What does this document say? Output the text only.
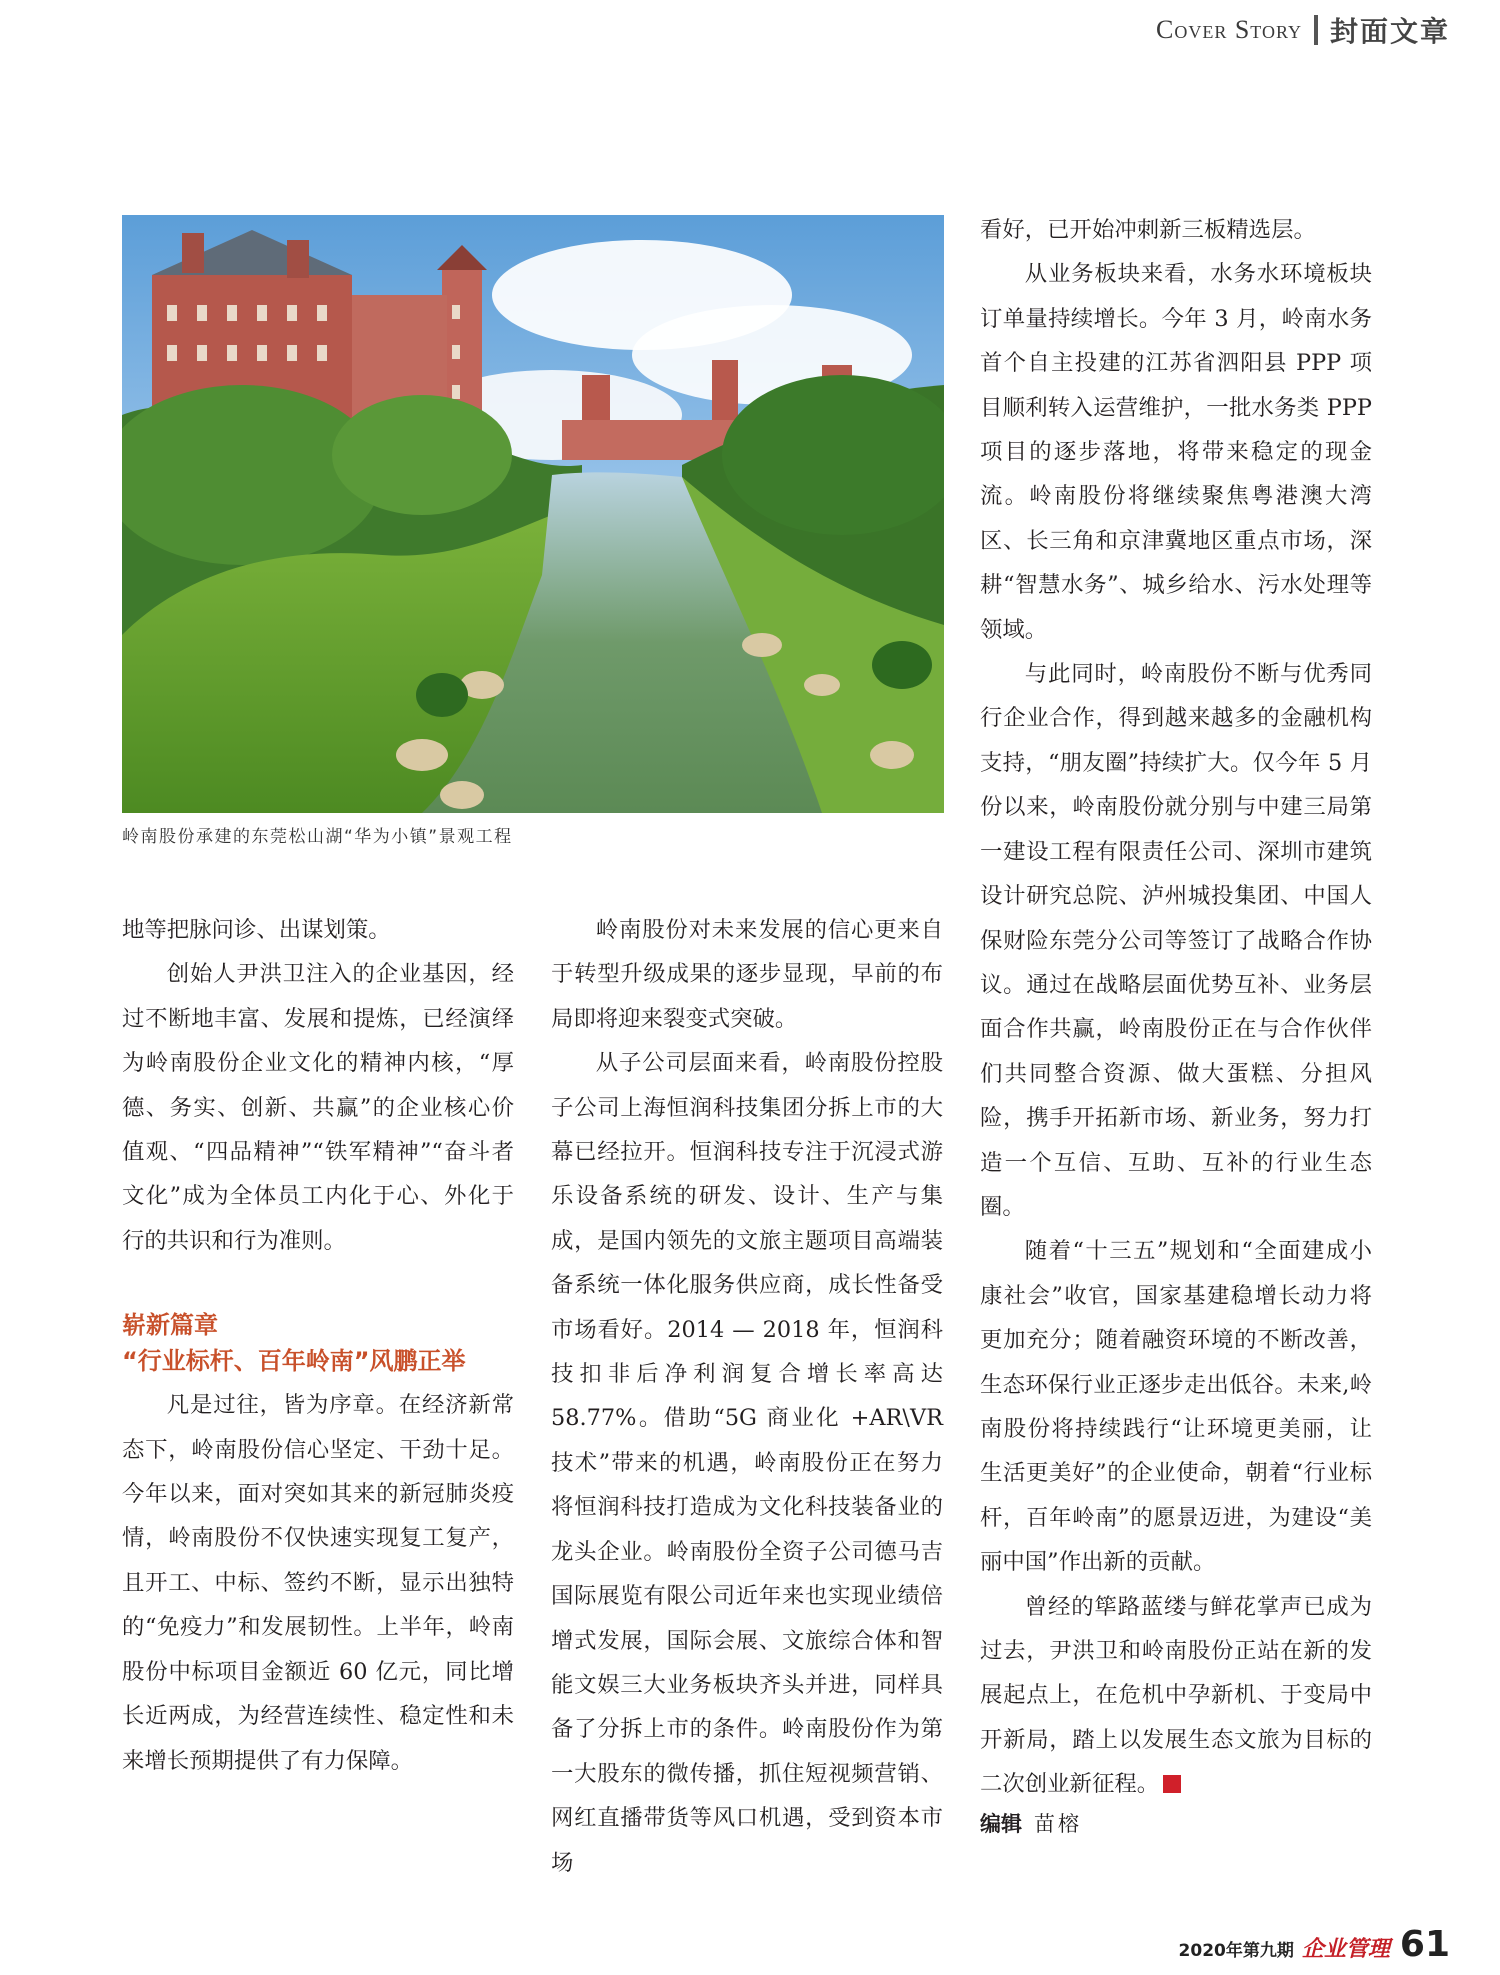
Cover Story 封面文章
岭南股份承建的东莞松山湖“华为小镇”景观工程

地等把脉问诊、出谋划策。

创始人尹洪卫注入的企业基因，经过不断地丰富、发展和提炼，已经演绎为岭南股份企业文化的精神内核，“厚德、务实、创新、共赢”的企业核心价值观、“四品精神”“铁军精神”“奋斗者文化”成为全体员工内化于心、外化于行的共识和行为准则。

崭新篇章
“行业标杆、百年岭南”风鹏正举

凡是过往，皆为序章。在经济新常态下，岭南股份信心坚定、干劲十足。今年以来，面对突如其来的新冠肺炎疫情，岭南股份不仅快速实现复工复产，且开工、中标、签约不断，显示出独特的“免疫力”和发展韧性。上半年，岭南股份中标项目金额近 60 亿元，同比增长近两成，为经营连续性、稳定性和未来增长预期提供了有力保障。

岭南股份对未来发展的信心更来自于转型升级成果的逐步显现，早前的布局即将迎来裂变式突破。

从子公司层面来看，岭南股份控股子公司上海恒润科技集团分拆上市的大幕已经拉开。恒润科技专注于沉浸式游乐设备系统的研发、设计、生产与集成，是国内领先的文旅主题项目高端装备系统一体化服务供应商，成长性备受市场看好。2014 — 2018 年，恒润科技扣非后净利润复合增长率高达 58.77%。借助“5G 商业化 +AR\VR 技术”带来的机遇，岭南股份正在努力将恒润科技打造成为文化科技装备业的龙头企业。岭南股份全资子公司德马吉国际展览有限公司近年来也实现业绩倍增式发展，国际会展、文旅综合体和智能文娱三大业务板块齐头并进，同样具备了分拆上市的条件。岭南股份作为第一大股东的微传播，抓住短视频营销、网红直播带货等风口机遇，受到资本市场

看好，已开始冲刺新三板精选层。

从业务板块来看，水务水环境板块订单量持续增长。今年 3 月，岭南水务首个自主投建的江苏省泗阳县 PPP 项目顺利转入运营维护，一批水务类 PPP 项目的逐步落地，将带来稳定的现金流。岭南股份将继续聚焦粤港澳大湾区、长三角和京津冀地区重点市场，深耕“智慧水务”、城乡给水、污水处理等领域。

与此同时，岭南股份不断与优秀同行企业合作，得到越来越多的金融机构支持，“朋友圈”持续扩大。仅今年 5 月份以来，岭南股份就分别与中建三局第一建设工程有限责任公司、深圳市建筑设计研究总院、泸州城投集团、中国人保财险东莞分公司等签订了战略合作协议。通过在战略层面优势互补、业务层面合作共赢，岭南股份正在与合作伙伴们共同整合资源、做大蛋糕、分担风险，携手开拓新市场、新业务，努力打造一个互信、互助、互补的行业生态圈。

随着“十三五”规划和“全面建成小康社会”收官，国家基建稳增长动力将更加充分；随着融资环境的不断改善，生态环保行业正逐步走出低谷。未来,岭南股份将持续践行“让环境更美丽，让生活更美好”的企业使命，朝着“行业标杆，百年岭南”的愿景迈进，为建设“美丽中国”作出新的贡献。

曾经的筚路蓝缕与鲜花掌声已成为过去，尹洪卫和岭南股份正站在新的发展起点上，在危机中孕新机、于变局中开新局，踏上以发展生态文旅为目标的二次创业新征程。

编辑 苗榕
2020年第九期 企业管理 61
